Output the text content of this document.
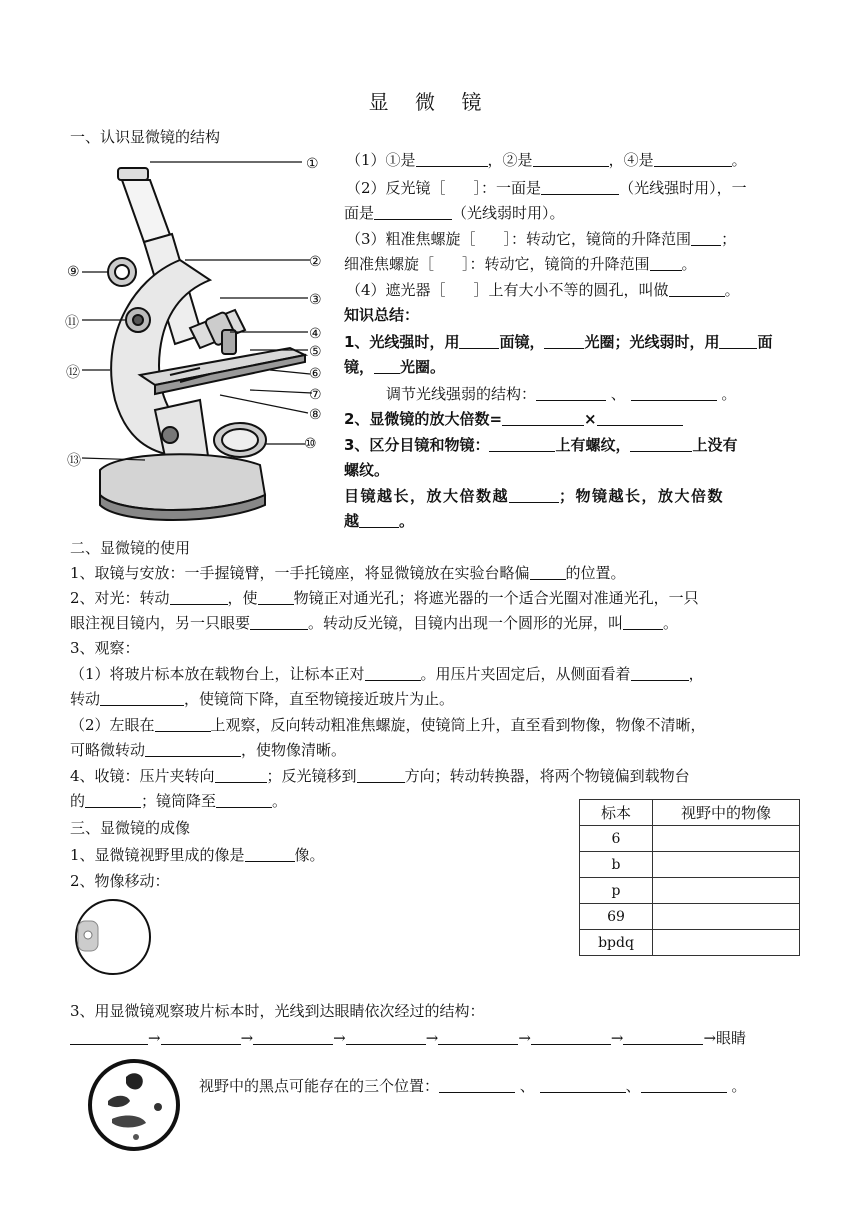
显 微 镜
一、认识显微镜的结构
①
②
③
④
⑤
⑥
⑦
⑧
⑨
⑩
⑪
⑫
⑬
（1）①是	，②是	，④是	。
（2）反光镜［ ］：一面是	（光线强时用），一
面是	（光线弱时用）。
（3）粗准焦螺旋［ ］：转动它，镜筒的升降范围 ；
细准焦螺旋［ ］：转动它，镜筒的升降范围 。
（4）遮光器［ ］上有大小不等的圆孔，叫做	。
知识总结：
1、光线强时，用	面镜，	光圈；光线弱时，用	面
镜， 光圈。
调节光线强弱的结构：	、	。
2、显微镜的放大倍数=	×
3、区分目镜和物镜：	上有螺纹，	上没有
螺纹。
目镜越长，放大倍数越	；物镜越长，放大倍数
越	。
二、显微镜的使用
1、取镜与安放：一手握镜臂，一手托镜座，将显微镜放在实验台略偏 的位置。
2、对光：转动	，使 物镜正对通光孔；将遮光器的一个适合光圈对准通光孔，一只
眼注视目镜内，另一只眼要	。转动反光镜，目镜内出现一个圆形的光屏，叫	。
3、观察：
（1）将玻片标本放在载物台上，让标本正对	。用压片夹固定后，从侧面看着	，
转动	，使镜筒下降，直至物镜接近玻片为止。
（2）左眼在	上观察，反向转动粗准焦螺旋，使镜筒上升，直至看到物像，物像不清晰，
可略微转动	，使物像清晰。
4、收镜：压片夹转向	；反光镜移到	方向；转动转换器，将两个物镜偏到载物台
的	；镜筒降至	。
三、显微镜的成像
1、显微镜视野里成的像是	像。
2、物像移动：
标本	视野中的物像
6	
b	
p	
69	
bpdq	
3、用显微镜观察玻片标本时，光线到达眼睛依次经过的结构：
→	→	→	→	→	→	→眼睛
视野中的黑点可能存在的三个位置：	、	、	。
